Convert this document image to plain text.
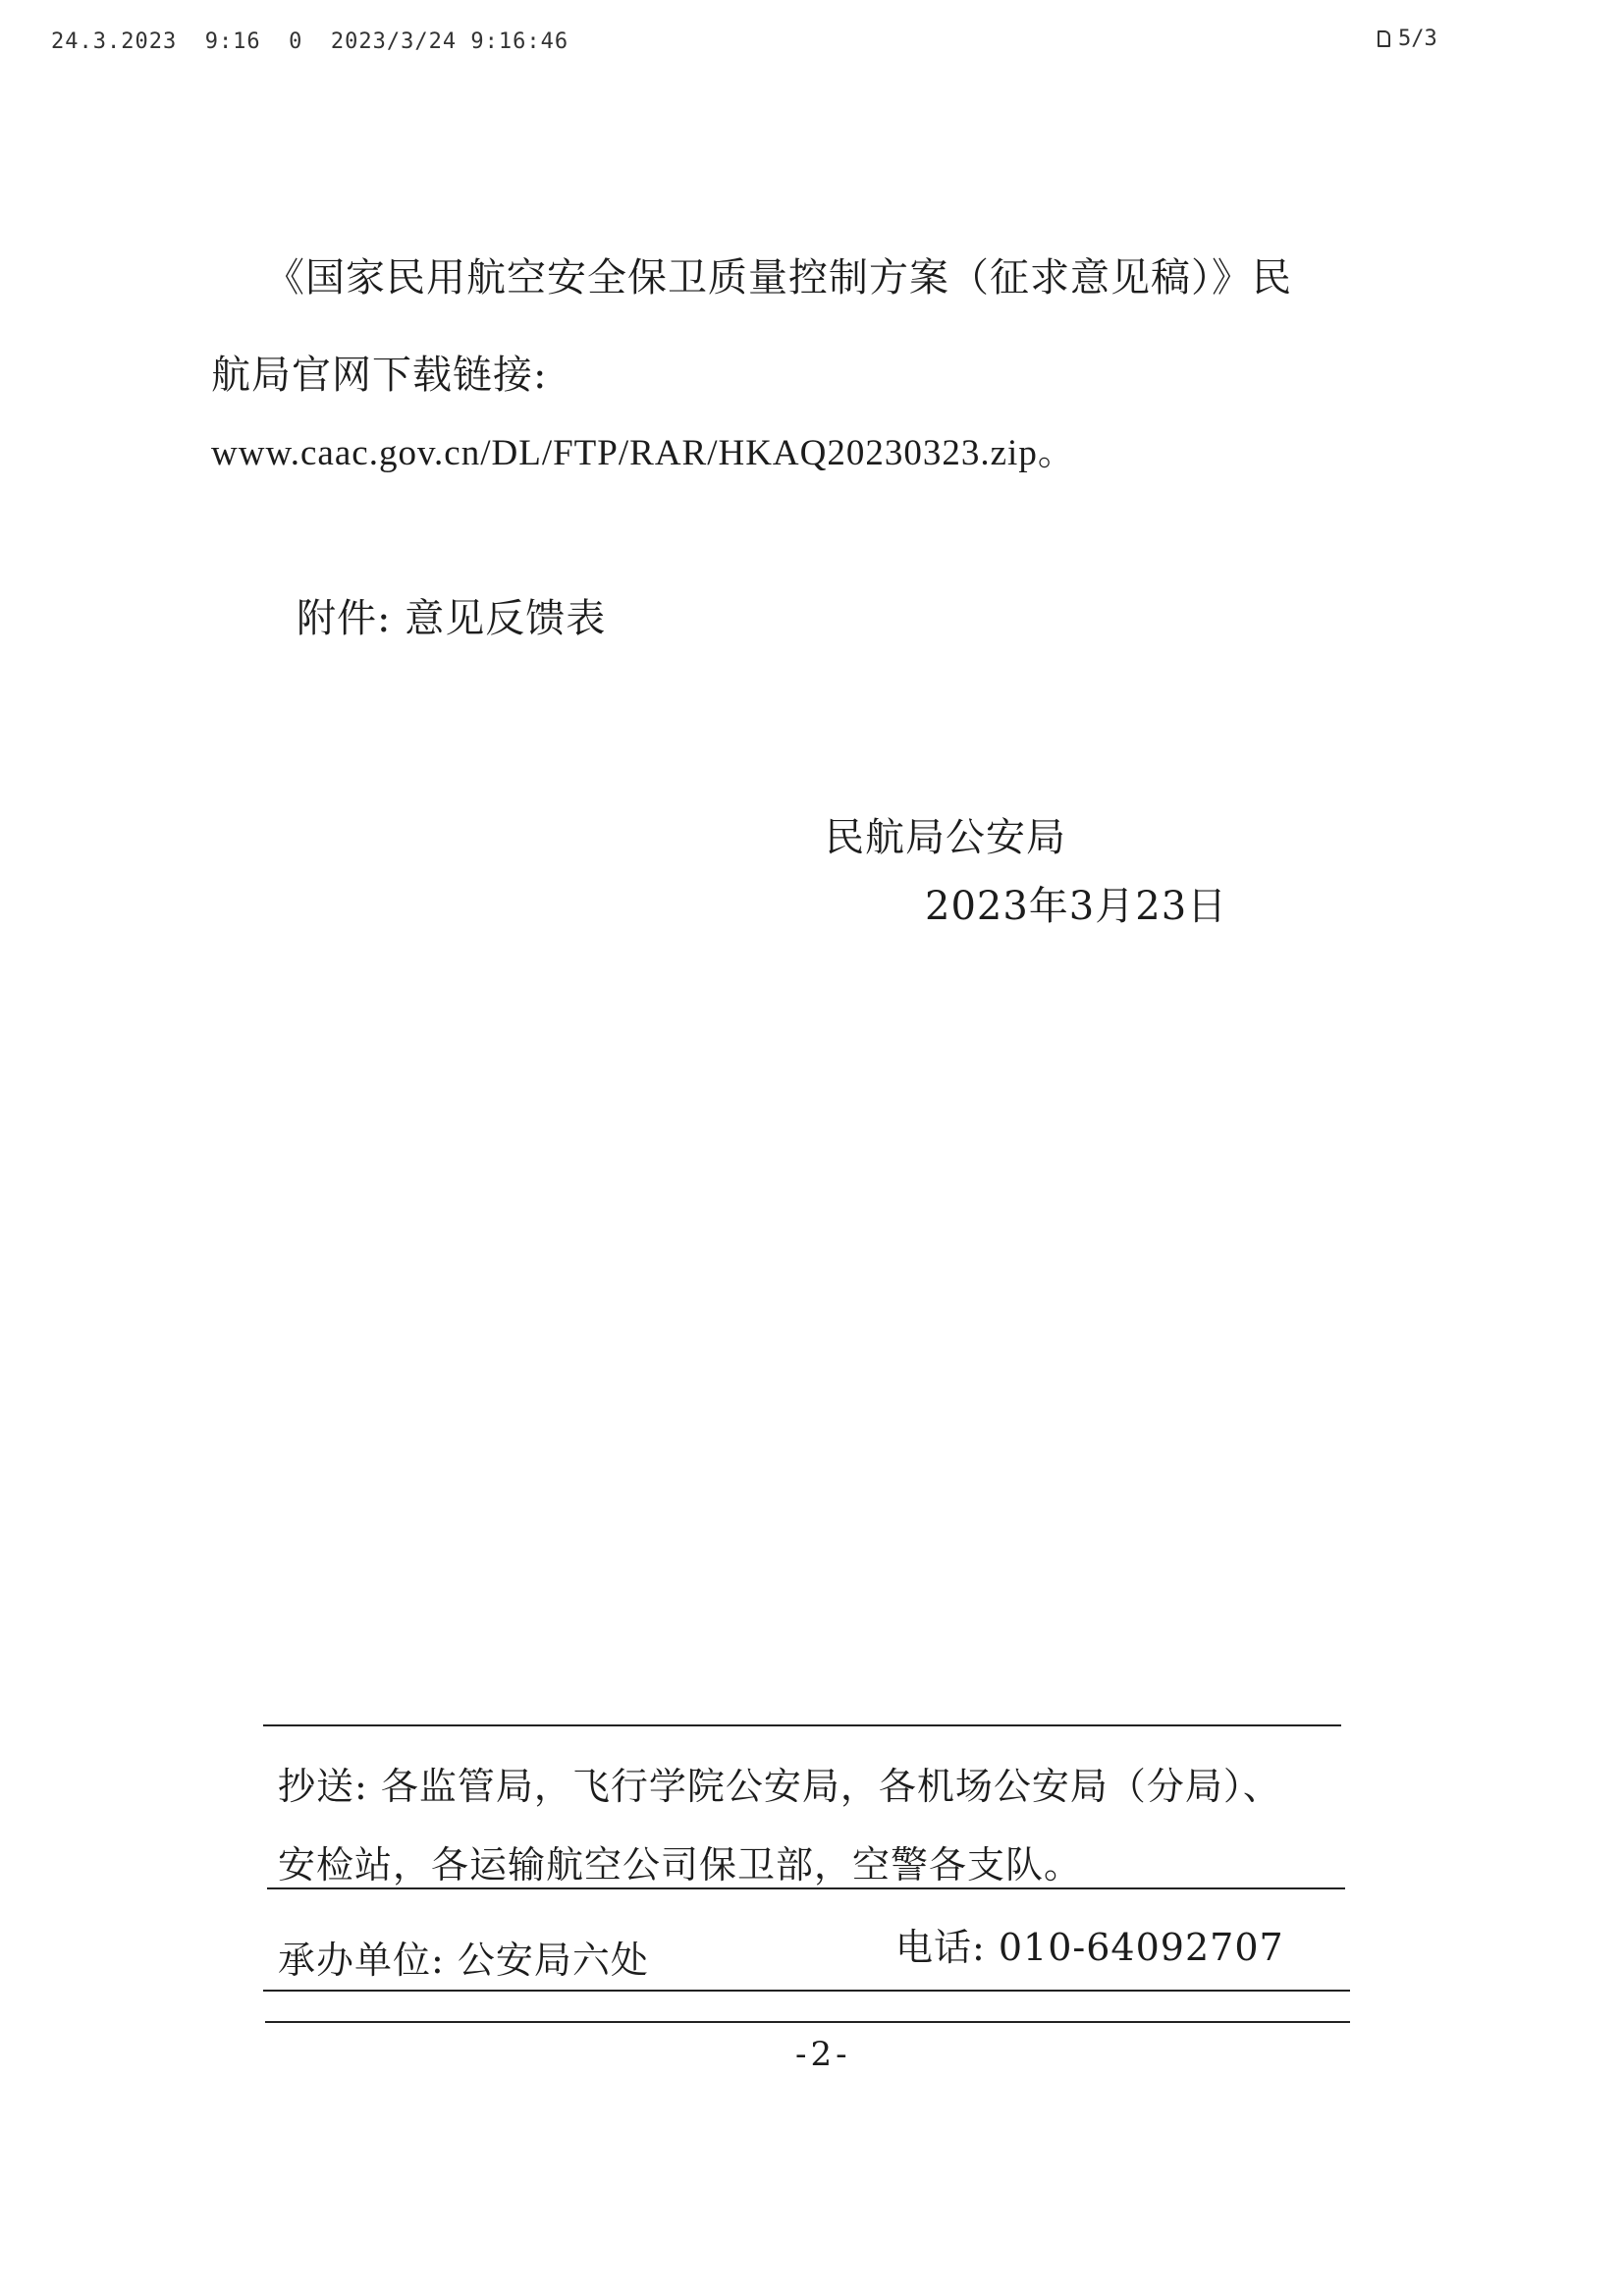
24.3.2023  9:16  0  2023/3/24 9:16:46	5/3
《国家民用航空安全保卫质量控制方案（征求意见稿）》民
航局官网下载链接:
www.caac.gov.cn/DL/FTP/RAR/HKAQ20230323.zip。
附件: 意见反馈表
民航局公安局
2023年3月23日
抄送: 各监管局，飞行学院公安局，各机场公安局（分局）、
安检站，各运输航空公司保卫部，空警各支队。
承办单位: 公安局六处	电话: 010-64092707
-2-
